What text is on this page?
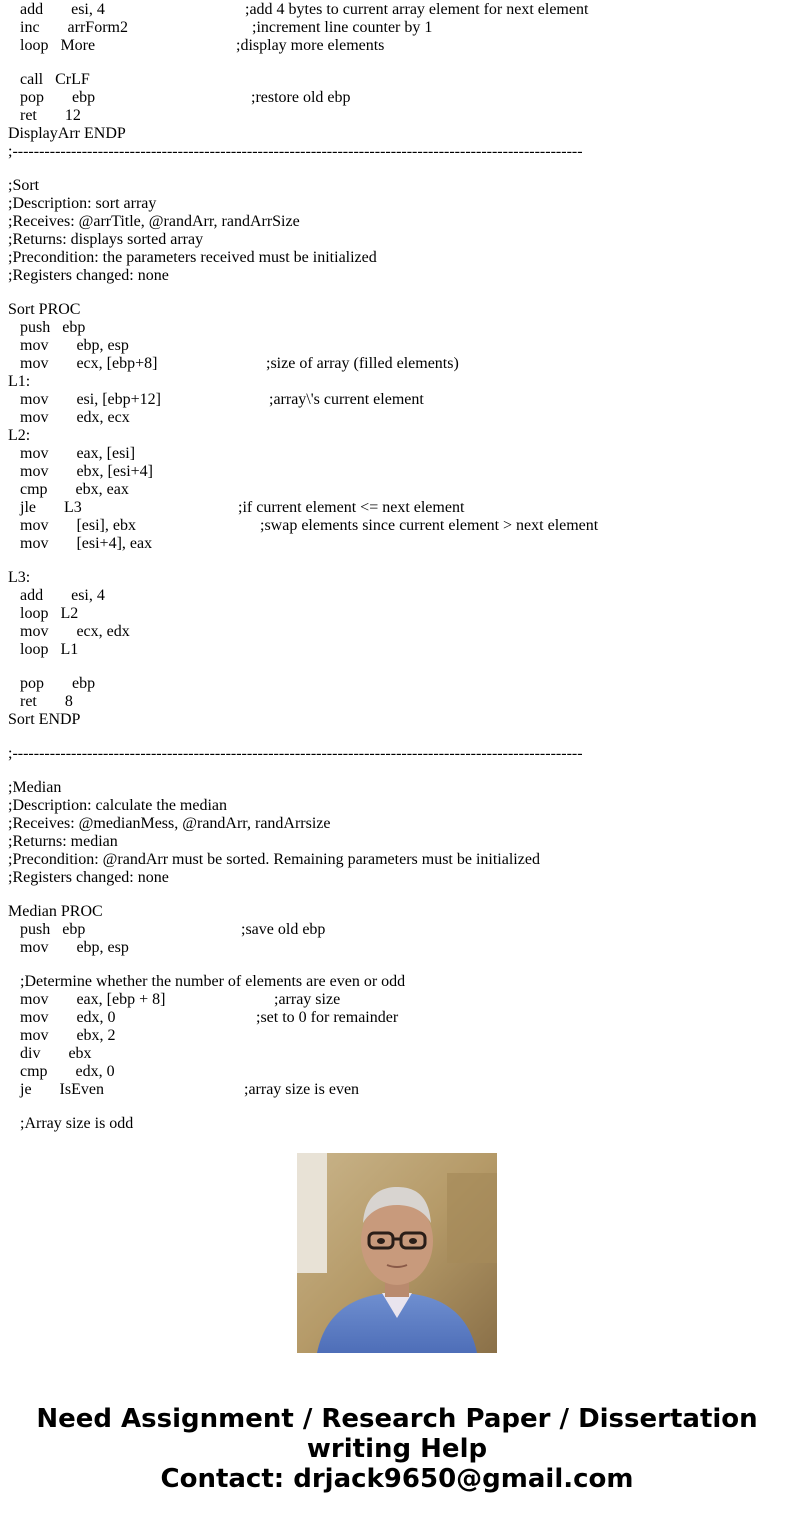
add       esi, 4	;add 4 bytes to current array element for next element
inc       arrForm2	;increment line counter by 1
loop   More	;display more elements
call   CrLF
pop       ebp	;restore old ebp
ret       12
DisplayArr ENDP
;-----------------------------------------------------------------------------------------------------------
;Sort
;Description: sort array
;Receives: @arrTitle, @randArr, randArrSize
;Returns: displays sorted array
;Precondition: the parameters received must be initialized
;Registers changed: none
Sort PROC
push   ebp
mov       ebp, esp
mov       ecx, [ebp+8]	;size of array (filled elements)
L1:
mov       esi, [ebp+12]	;array\'s current element
mov       edx, ecx
L2:
mov       eax, [esi]
mov       ebx, [esi+4]
cmp       ebx, eax
jle       L3	;if current element <= next element
mov       [esi], ebx	;swap elements since current element > next element
mov       [esi+4], eax
L3:
add       esi, 4
loop   L2
mov       ecx, edx
loop   L1
pop       ebp
ret       8
Sort ENDP
;-----------------------------------------------------------------------------------------------------------
;Median
;Description: calculate the median
;Receives: @medianMess, @randArr, randArrsize
;Returns: median
;Precondition: @randArr must be sorted. Remaining parameters must be initialized
;Registers changed: none
Median PROC
push   ebp	;save old ebp
mov       ebp, esp
;Determine whether the number of elements are even or odd
mov       eax, [ebp + 8]	;array size
mov       edx, 0	;set to 0 for remainder
mov       ebx, 2
div       ebx
cmp       edx, 0
je       IsEven	;array size is even
;Array size is odd
Need Assignment / Research Paper / Dissertation
writing Help
Contact: drjack9650@gmail.com
